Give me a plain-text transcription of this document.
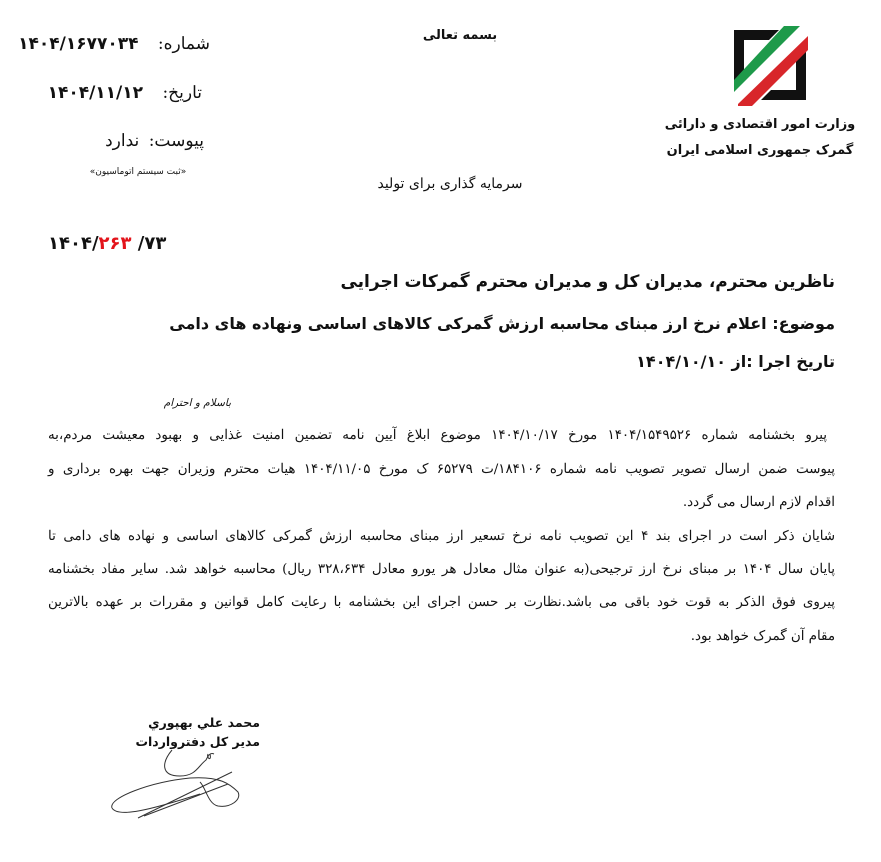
شماره: ۱۴۰۴/۱۶۷۷۰۳۴
تاریخ: ۱۴۰۴/۱۱/۱۲
پیوست: ندارد
«ثبت سیستم اتوماسیون»
بسمه تعالی
سرمایه گذاری برای تولید
وزارت امور اقتصادی و دارائی
گمرک جمهوری اسلامی ایران
۱۴۰۴/۲۶۳ /۷۳
ناظرین محترم، مدیران کل و مدیران محترم گمرکات اجرایی
موضوع: اعلام نرخ ارز مبنای محاسبه ارزش گمرکی کالاهای اساسی ونهاده های دامی
تاریخ اجرا :از ۱۴۰۴/۱۰/۱۰
باسلام و احترام
پیرو بخشنامه شماره ۱۴۰۴/۱۵۴۹۵۲۶ مورخ ۱۴۰۴/۱۰/۱۷ موضوع ابلاغ آیین نامه تضمین امنیت غذایی و بهبود معیشت مردم،به
پیوست ضمن ارسال تصویر تصویب نامه شماره ۱۸۴۱۰۶/ت ۶۵۲۷۹ ک مورخ ۱۴۰۴/۱۱/۰۵ هیات محترم وزیران جهت بهره برداری و
اقدام لازم ارسال می گردد.
شایان ذکر است در اجرای بند ۴ این تصویب نامه نرخ تسعیر ارز مبنای محاسبه ارزش گمرکی کالاهای اساسی و نهاده های دامی تا
پایان سال ۱۴۰۴ بر مبنای نرخ ارز ترجیحی(به عنوان مثال معادل هر یورو معادل ۳۲۸،۶۳۴ ریال) محاسبه خواهد شد. سایر مفاد بخشنامه
پیروی فوق الذکر به قوت خود باقی می باشد.نظارت بر حسن اجرای این بخشنامه با رعایت کامل قوانین و مقررات بر عهده بالاترین
مقام آن گمرک خواهد بود.
محمد علي بهپوري
مدير كل دفترواردات
